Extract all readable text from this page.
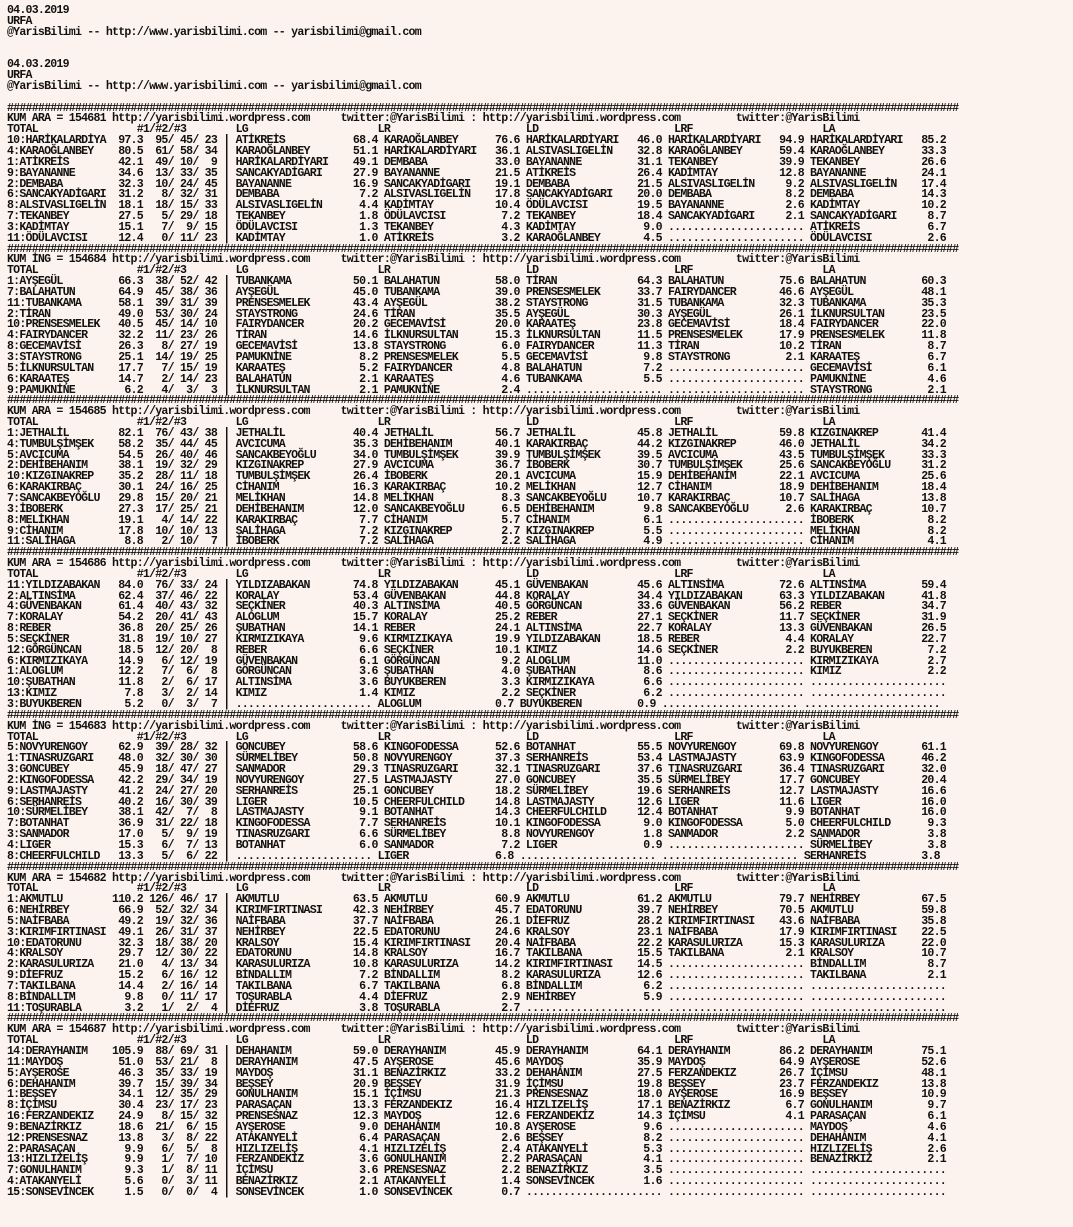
04.03.2019
URFA
@YarisBilimi -- http://www.yarisbilimi.com -- yarisbilimi@gmail.com

04.03.2019
URFA
@YarisBilimi -- http://www.yarisbilimi.com -- yarisbilimi@gmail.com

##########################################################################################################################################################
KUM ARA = 154681 http://yarisbilimi.wordpress.com     twitter:@YarisBilimi : http://yarisbilimi.wordpress.com         twitter:@YarisBilimi
TOTAL                #1/#2/#3        LG                     LR                      LD                      LRF                     LA
10:HARİKALARDİYA  97.3  95/ 45/ 23 | ATİKREİS           68.4 KARAOĞLANBEY      76.6 HARİKALARDİYARI   46.0 HARİKALARDİYARI   94.9 HARİKALARDİYARI   85.2
4:KARAOĞLANBEY    80.5  61/ 58/ 34 | KARAOĞLANBEY       51.1 HARİKALARDİYARI   36.1 ALSIVASLIGELİN    32.8 KARAOĞLANBEY      59.4 KARAOĞLANBEY      33.3
1:ATİKREİS        42.1  49/ 10/  9 | HARİKALARDİYARI    49.1 DEMBABA           33.0 BAYANANNE         31.1 TEKANBEY          39.9 TEKANBEY          26.6
9:BAYANANNE       34.6  13/ 33/ 35 | SANCAKYADİGARI     27.9 BAYANANNE         21.5 ATİKREİS          26.4 KADİMTAY          12.8 BAYANANNE         24.1
2:DEMBABA         32.3  10/ 24/ 45 | BAYANANNE          16.9 SANCAKYADİGARI    19.1 DEMBABA           21.5 ALSIVASLIGELİN     9.2 ALSIVASLIGELİN    17.4
6:SANCAKYADİGARI  31.2   8/ 32/ 31 | DEMBABA             7.2 ALSIVASLIGELİN    17.8 SANCAKYADİGARI    20.0 DEMBABA            8.2 DEMBABA           14.3
8:ALSIVASLIGELİN  18.1  18/ 15/ 33 | ALSIVASLIGELİN      4.4 KADİMTAY          10.4 ÖDÜLAVCISI        19.5 BAYANANNE          2.6 KADİMTAY          10.2
7:TEKANBEY        27.5   5/ 29/ 18 | TEKANBEY            1.8 ÖDÜLAVCISI         7.2 TEKANBEY          18.4 SANCAKYADİGARI     2.1 SANCAKYADİGARI     8.7
3:KADİMTAY        15.1   7/  9/ 15 | ÖDÜLAVCISI          1.3 TEKANBEY           4.3 KADİMTAY           9.0 ...................... ATİKREİS           6.7
11:ÖDÜLAVCISI     12.4   0/ 11/ 23 | KADİMTAY            1.0 ATİKREİS           3.2 KARAOĞLANBEY       4.5 ...................... ÖDÜLAVCISI         2.6
##########################################################################################################################################################
KUM İNG = 154684 http://yarisbilimi.wordpress.com     twitter:@YarisBilimi : http://yarisbilimi.wordpress.com         twitter:@YarisBilimi
TOTAL                #1/#2/#3        LG                     LR                      LD                      LRF                     LA
1:AYŞEGÜL         66.3  38/ 52/ 42 | TUBANKAMA          50.1 BALAHATUN         58.0 TİRAN             64.3 BALAHATUN         75.6 BALAHATUN         60.3
7:BALAHATUN       64.9  45/ 38/ 36 | AYŞEGÜL            45.0 TUBANKAMA         39.0 PRENSESMELEK      33.7 FAIRYDANCER       46.6 AYŞEGÜL           48.1
11:TUBANKAMA      58.1  39/ 31/ 39 | PRENSESMELEK       43.4 AYŞEGÜL           38.2 STAYSTRONG        31.5 TUBANKAMA         32.3 TUBANKAMA         35.3
2:TİRAN           49.0  53/ 30/ 24 | STAYSTRONG         24.6 TİRAN             35.5 AYŞEGÜL           30.3 AYŞEGÜL           26.1 İLKNURSULTAN      23.5
10:PRENSESMELEK   40.5  45/ 14/ 10 | FAIRYDANCER        20.2 GECEMAVİSİ        20.0 KARAATEŞ          23.8 GECEMAVİSİ        18.4 FAIRYDANCER       22.0
4:FAIRYDANCER     32.2  11/ 23/ 26 | TİRAN              14.6 İLKNURSULTAN      15.3 İLKNURSULTAN      11.5 PRENSESMELEK      17.9 PRENSESMELEK      11.8
8:GECEMAVİSİ      26.3   8/ 27/ 19 | GECEMAVİSİ         13.8 STAYSTRONG         6.0 FAIRYDANCER       11.3 TİRAN             10.2 TİRAN              8.7
3:STAYSTRONG      25.1  14/ 19/ 25 | PAMUKNİNE           8.2 PRENSESMELEK       5.5 GECEMAVİSİ         9.8 STAYSTRONG         2.1 KARAATEŞ           6.7
5:İLKNURSULTAN    17.7   7/ 15/ 19 | KARAATEŞ            5.2 FAIRYDANCER        4.8 BALAHATUN          7.2 ...................... GECEMAVİSİ         6.1
6:KARAATEŞ        14.7   2/ 14/ 23 | BALAHATUN           2.1 KARAATEŞ           4.6 TUBANKAMA          5.5 ...................... PAMUKNİNE          4.6
9:PAMUKNİNE        6.2   4/  3/  3 | İLKNURSULTAN        2.1 PAMUKNİNE          2.4 ...................... ...................... STAYSTRONG         2.1
##########################################################################################################################################################
KUM ARA = 154685 http://yarisbilimi.wordpress.com     twitter:@YarisBilimi : http://yarisbilimi.wordpress.com         twitter:@YarisBilimi
TOTAL                #1/#2/#3        LG                     LR                      LD                      LRF                     LA
1:JETHALİL        82.1  76/ 43/ 38 | JETHALİL           40.4 JETHALİL          56.7 JETHALİL          45.8 JETHALİL          59.8 KIZGINAKREP       41.4
4:TUMBULŞİMŞEK    58.2  35/ 44/ 45 | AVCICUMA           35.3 DEHİBEHANIM       40.1 KARAKIRBAÇ        44.2 KIZGINAKREP       46.0 JETHALİL          34.2
5:AVCICUMA        54.5  26/ 40/ 46 | SANCAKBEYOĞLU      34.0 TUMBULŞİMŞEK      39.9 TUMBULŞİMŞEK      39.5 AVCICUMA          43.5 TUMBULŞİMŞEK      33.3
2:DEHİBEHANIM     38.1  19/ 32/ 29 | KIZGINAKREP        27.9 AVCICUMA          36.7 İBOBERK           30.7 TUMBULŞİMŞEK      25.6 SANCAKBEYOĞLU     31.2
10:KIZGINAKREP    35.2  28/ 11/ 18 | TUMBULŞİMŞEK       26.4 İBOBERK           20.1 AVCICUMA          15.9 DEHİBEHANIM       22.1 AVCICUMA          25.6
6:KARAKIRBAÇ      30.1  24/ 16/ 25 | CİHANIM            16.3 KARAKIRBAÇ        10.2 MELİKHAN          12.7 CİHANIM           18.9 DEHİBEHANIM       18.4
7:SANCAKBEYOĞLU   29.8  15/ 20/ 21 | MELİKHAN           14.8 MELİKHAN           8.3 SANCAKBEYOĞLU     10.7 KARAKIRBAÇ        10.7 SALİHAGA          13.8
3:İBOBERK         27.3  17/ 25/ 21 | DEHİBEHANIM        12.0 SANCAKBEYOĞLU      6.5 DEHİBEHANIM        9.8 SANCAKBEYOĞLU      2.6 KARAKIRBAÇ        10.7
8:MELİKHAN        19.1   4/ 14/ 22 | KARAKIRBAÇ          7.7 CİHANIM            5.7 CİHANIM            6.1 ...................... İBOBERK            8.2
9:CİHANIM         17.8  10/ 10/ 13 | SALİHAGA            7.2 KIZGINAKREP        2.7 KIZGINAKREP        5.5 ...................... MELİKHAN           8.2
11:SALİHAGA        8.8   2/ 10/  7 | İBOBERK             7.2 SALİHAGA           2.2 SALİHAGA           4.9 ...................... CİHANIM            4.1
##########################################################################################################################################################
KUM ARA = 154686 http://yarisbilimi.wordpress.com     twitter:@YarisBilimi : http://yarisbilimi.wordpress.com         twitter:@YarisBilimi
TOTAL                #1/#2/#3        LG                     LR                      LD                      LRF                     LA
11:YILDIZABAKAN   84.0  76/ 33/ 24 | YILDIZABAKAN       74.8 YILDIZABAKAN      45.1 GÜVENBAKAN        45.6 ALTINSİMA         72.6 ALTINSİMA         59.4
2:ALTINSİMA       62.4  37/ 46/ 22 | KORALAY            53.4 GÜVENBAKAN        44.8 KORALAY           34.4 YILDIZABAKAN      63.3 YILDIZABAKAN      41.8
4:GÜVENBAKAN      61.4  40/ 43/ 32 | SEÇKİNER           40.3 ALTINSİMA         40.5 GÖRGÜNCAN         33.6 GÜVENBAKAN        56.2 REBER             34.7
7:KORALAY         54.2  20/ 41/ 43 | ALOGLUM            15.7 KORALAY           25.2 REBER             27.1 SEÇKİNER          11.7 SEÇKİNER          31.9
8:REBER           36.8  20/ 25/ 26 | ŞUBATHAN           14.1 REBER             24.1 ALTINSİMA         22.7 KORALAY           13.3 GÜVENBAKAN        26.5
5:SEÇKİNER        31.8  19/ 10/ 27 | KIRMIZIKAYA         9.6 KIRMIZIKAYA       19.9 YILDIZABAKAN      18.5 REBER              4.4 KORALAY           22.7
12:GÖRGÜNCAN      18.5  12/ 20/  8 | REBER               6.6 SEÇKİNER          10.1 KIMIZ             14.6 SEÇKİNER           2.2 BUYUKBEREN         7.2
6:KIRMIZIKAYA     14.9   6/ 12/ 19 | GÜVENBAKAN          6.1 GÖRGÜNCAN          9.2 ALOGLUM           11.0 ...................... KIRMIZIKAYA        2.7
1:ALOGLUM         12.2   7/  6/  8 | GÖRGÜNCAN           3.6 ŞUBATHAN           4.0 ŞUBATHAN           8.6 ...................... KIMIZ              2.2
10:ŞUBATHAN       11.8   2/  6/ 17 | ALTINSİMA           3.6 BUYUKBEREN         3.3 KIRMIZIKAYA        6.6 ...................... ......................
13:KIMIZ           7.8   3/  2/ 14 | KIMIZ               1.4 KIMIZ              2.2 SEÇKİNER           6.2 ...................... ......................
3:BUYUKBEREN       5.2   0/  3/  7 | ...................... ALOGLUM            0.7 BUYUKBEREN         0.9 ...................... ......................
##########################################################################################################################################################
KUM İNG = 154683 http://yarisbilimi.wordpress.com     twitter:@YarisBilimi : http://yarisbilimi.wordpress.com         twitter:@YarisBilimi
TOTAL                #1/#2/#3        LG                     LR                      LD                      LRF                     LA
5:NOVYURENGOY     62.9  39/ 28/ 32 | GONCUBEY           58.6 KINGOFODESSA      52.6 BOTANHAT          55.5 NOVYURENGOY       69.8 NOVYURENGOY       61.1
1:TINASRUZGARI    48.0  32/ 30/ 30 | SÜRMELİBEY         50.8 NOVYURENGOY       37.3 SERHANREİS        53.4 LASTMAJASTY       63.9 KINGOFODESSA      46.2
3:GONCUBEY        45.9  18/ 47/ 27 | SANMADOR           29.3 TINASRUZGARI      32.1 TINASRUZGARI      37.6 TINASRUZGARI      36.4 TINASRUZGARI      32.0
2:KINGOFODESSA    42.2  29/ 34/ 19 | NOVYURENGOY        27.5 LASTMAJASTY       27.0 GONCUBEY          35.5 SÜRMELİBEY        17.7 GONCUBEY          20.4
9:LASTMAJASTY     41.2  24/ 27/ 20 | SERHANREİS         25.1 GONCUBEY          18.2 SÜRMELİBEY        19.6 SERHANREİS        12.7 LASTMAJASTY       16.6
6:SERHANREİS      40.2  16/ 30/ 39 | LIGER              10.5 CHEERFULCHILD     14.8 LASTMAJASTY       12.6 LIGER             11.6 LIGER             16.0
10:SÜRMELİBEY     38.1  42/  7/  8 | LASTMAJASTY         9.1 BOTANHAT          14.3 CHEERFULCHILD     12.4 BOTANHAT           9.9 BOTANHAT          16.0
7:BOTANHAT        36.9  31/ 22/ 18 | KINGOFODESSA        7.7 SERHANREİS        10.1 KINGOFODESSA       9.0 KINGOFODESSA       5.0 CHEERFULCHILD      9.3
3:SANMADOR        17.0   5/  9/ 19 | TINASRUZGARI        6.6 SÜRMELİBEY         8.8 NOVYURENGOY        1.8 SANMADOR           2.2 SANMADOR           3.8
4:LIGER           15.3   6/  7/ 13 | BOTANHAT            6.0 SANMADOR           7.2 LIGER              0.9 ...................... SÜRMELİBEY         3.8
8:CHEERFULCHILD   13.3   5/  6/ 22 | ...................... LIGER              6.8 ...................... ...................... SERHANREİS         3.8
##########################################################################################################################################################
KUM ARA = 154682 http://yarisbilimi.wordpress.com     twitter:@YarisBilimi : http://yarisbilimi.wordpress.com         twitter:@YarisBilimi
TOTAL                #1/#2/#3        LG                     LR                      LD                      LRF                     LA
1:AKMUTLU        110.2 126/ 46/ 17 | AKMUTLU            63.5 AKMUTLU           60.9 AKMUTLU           61.2 AKMUTLU           79.7 NEHİRBEY          67.5
6:NEHİRBEY        66.9  52/ 32/ 34 | KIRIMFIRTINASI     42.3 NEHİRBEY          45.7 EDATORUNU         39.7 NEHİRBEY          70.5 AKMUTLU           59.8
5:NAİFBABA        49.2  19/ 32/ 36 | NAİFBABA           37.7 NAİFBABA          26.1 DİEFRUZ           28.2 KIRIMFIRTINASI    43.6 NAİFBABA          35.8
3:KIRIMFIRTINASI  49.1  26/ 31/ 37 | NEHİRBEY           22.5 EDATORUNU         24.6 KRALSOY           23.1 NAİFBABA          17.9 KIRIMFIRTINASI    22.5
10:EDATORUNU      32.3  18/ 38/ 20 | KRALSOY            15.4 KIRIMFIRTINASI    20.4 NAİFBABA          22.2 KARASULURIZA      15.3 KARASULURIZA      22.0
4:KRALSOY         29.7  12/ 30/ 22 | EDATORUNU          14.8 KRALSOY           16.7 TAKILBANA         15.5 TAKILBANA          2.1 KRALSOY           10.7
2:KARASULURIZA    21.0   4/ 13/ 34 | KARASULURIZA       10.8 KARASULURIZA      14.2 KIRIMFIRTINASI    14.5 ...................... BİNDALLIM          8.7
9:DİEFRUZ         15.2   6/ 16/ 12 | BİNDALLIM           7.2 BİNDALLIM          8.2 KARASULURIZA      12.6 ...................... TAKILBANA          2.1
7:TAKILBANA       14.4   2/ 16/ 14 | TAKILBANA           6.7 TAKILBANA          6.8 BİNDALLIM          6.2 ...................... ......................
8:BİNDALLIM        9.8   0/ 11/ 17 | TOŞURABLA           4.4 DİEFRUZ            2.9 NEHİRBEY           5.9 ...................... ......................
11:TOŞURABLA       3.2   1/  2/  4 | DİEFRUZ             3.8 TOŞURABLA          2.7 ...................... ...................... ......................
##########################################################################################################################################################
KUM ARA = 154687 http://yarisbilimi.wordpress.com     twitter:@YarisBilimi : http://yarisbilimi.wordpress.com         twitter:@YarisBilimi
TOTAL                #1/#2/#3        LG                     LR                      LD                      LRF                     LA
14:DERAYHANIM    105.9  88/ 69/ 31 | DEHAHANIM          59.0 DERAYHANIM        45.9 DERAYHANIM        64.1 DERAYHANIM        86.2 DERAYHANIM        75.1
11:MAYDOŞ         51.0  53/ 21/  8 | DERAYHANIM         47.5 AYŞEROSE          45.6 MAYDOŞ            35.9 MAYDOŞ            64.9 AYŞEROSE          52.6
5:AYŞEROSE        46.3  35/ 33/ 19 | MAYDOŞ             31.1 BENAZİRKIZ        33.2 DEHAHANIM         27.5 FERZANDEKIZ       26.7 İÇİMSU            48.1
6:DEHAHANIM       39.7  15/ 39/ 34 | BEŞSEY             20.9 BEŞSEY            31.9 İÇİMSU            19.8 BEŞSEY            23.7 FERZANDEKIZ       13.8
1:BEŞSEY          34.1  12/ 35/ 29 | GONULHANIM         15.1 İÇİMSU            21.3 PRENSESNAZ        18.0 AYŞEROSE          16.9 BEŞSEY            10.9
8:İÇİMSU          30.4  23/ 17/ 23 | PARASAÇAN          13.3 FERZANDEKIZ       16.4 HIZLIZELİŞ        17.1 BENAZİRKIZ         6.7 GONULHANIM         9.7
16:FERZANDEKIZ    24.9   8/ 15/ 32 | PRENSESNAZ         12.3 MAYDOŞ            12.6 FERZANDEKIZ       14.3 İÇİMSU             4.1 PARASAÇAN          6.1
9:BENAZİRKIZ      18.6  21/  6/ 15 | AYŞEROSE            9.0 DEHAHANIM         10.8 AYŞEROSE           9.6 ...................... MAYDOŞ             4.6
12:PRENSESNAZ     13.8   3/  8/ 22 | ATAKANYELİ          6.4 PARASAÇAN          2.6 BEŞSEY             8.2 ...................... DEHAHANIM          4.1
2:PARASAÇAN        9.9   6/  5/  8 | HIZLIZELİŞ          4.1 HIZLIZELİŞ         2.4 ATAKANYELİ         5.3 ...................... HIZLIZELİŞ         2.6
13:HIZLIZELİŞ      9.9   1/  7/ 10 | FERZANDEKIZ         3.6 GONULHANIM         2.2 PARASAÇAN          4.1 ...................... BENAZİRKIZ         2.1
7:GONULHANIM       9.3   1/  8/ 11 | İÇİMSU              3.6 PRENSESNAZ         2.2 BENAZİRKIZ         3.5 ...................... ......................
4:ATAKANYELİ       5.6   0/  3/ 11 | BENAZİRKIZ          2.1 ATAKANYELİ         1.4 SONSEVİNCEK        1.6 ...................... ......................
15:SONSEVİNCEK     1.5   0/  0/  4 | SONSEVİNCEK         1.0 SONSEVİNCEK        0.7 ...................... ...................... ......................
